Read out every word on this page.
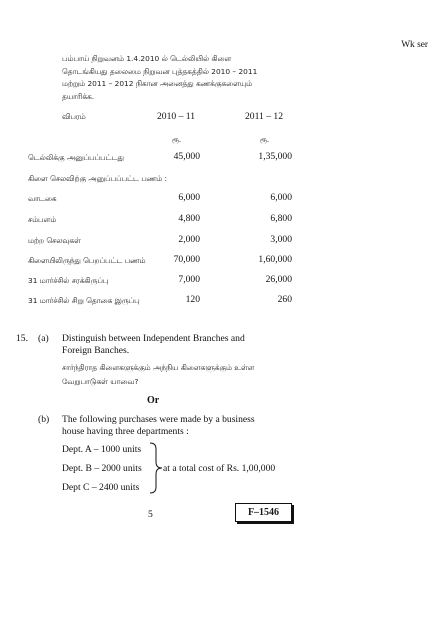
Wk ser
பம்பாய் நிறுவனம் 1.4.2010 ல் டெல்லியில் கிளை
தொடங்கியது தலைமை நிறுவன புத்தகத்தில் 2010 – 2011
மற்றும் 2011 – 2012 நிகான அனைத்து கணக்குகளையும்
தயாரிக்க.
விபரம்	2010 – 11	2011 – 12
ரூ.	ரூ.
டெல்லிக்கு அனுப்பப்பட்டது	45,000	1,35,000
கிளை செலவிற்கு அனுப்பப்பட்ட பணம் :
வாடகை	6,000	6,000
சம்பளம்	4,800	6,800
மற்ற செலவுகள்	2,000	3,000
கிளையிலிருந்து பெறப்பட்ட பணம்	70,000	1,60,000
31 மார்ச்சில் சரக்கிருப்பு	7,000	26,000
31 மார்ச்சில் சிறு தொகை இருப்பு	120	260
15. (a) Distinguish between Independent Branches and
Foreign Banches.
சார்ந்திராத கிளைகளுக்கும் அந்நிய கிளைகளுக்கும் உள்ள
வேறுபாடுகள் யாவை?
Or
(b) The following purchases were made by a business
house having three departments :
Dept. A – 1000 units
Dept. B – 2000 units
Dept C – 2400 units
at a total cost of Rs. 1,00,000
5	F–1546
